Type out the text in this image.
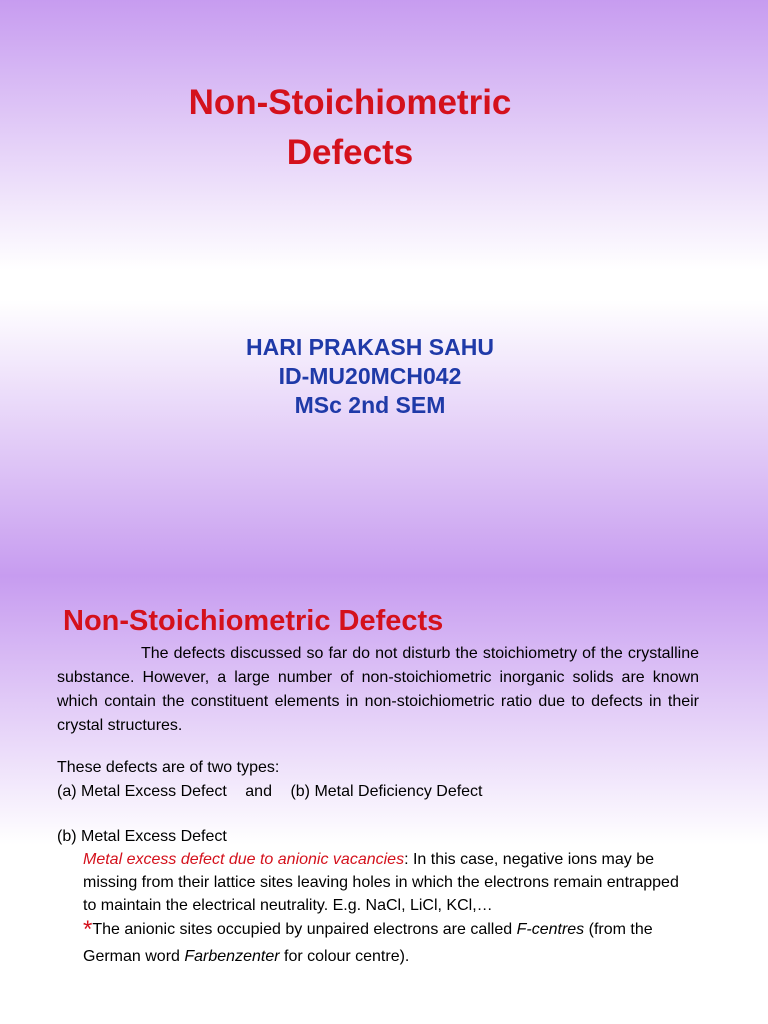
Non-Stoichiometric
Defects
HARI PRAKASH SAHU
ID-MU20MCH042
MSc 2nd SEM
Non-Stoichiometric Defects

The defects discussed so far do not disturb the stoichiometry of the crystalline substance. However, a large number of non-stoichiometric inorganic solids are known which contain the constituent elements in non-stoichiometric ratio due to defects in their crystal structures.

These defects are of two types:
(a) Metal Excess Defect and (b) Metal Deficiency Defect
(b) Metal Excess Defect

Metal excess defect due to anionic vacancies: In this case, negative ions may be missing from their lattice sites leaving holes in which the electrons remain entrapped to maintain the electrical neutrality. E.g. NaCl, LiCl, KCl,…

*The anionic sites occupied by unpaired electrons are called F-centres (from the German word Farbenzenter for colour centre).
